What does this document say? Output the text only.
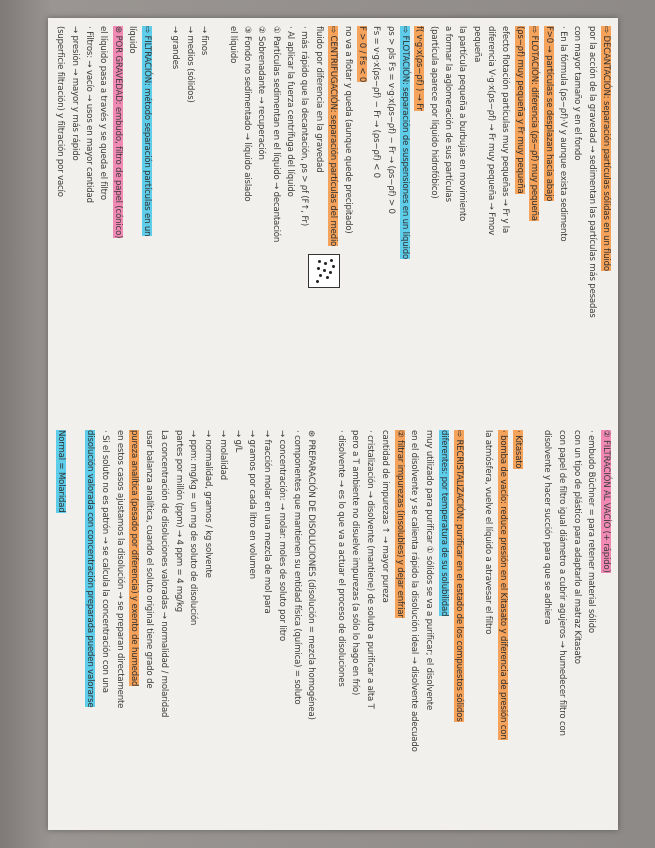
⇨ DECANTACIÓN: separación partículas sólidas en un fluido
por la acción de la gravedad → sedimentan las partículas más pesadas
con mayor tamaño y en el fondo
· En la fórmula (ρs−ρf)·V y aunque exista sedimento
F>0 → partículas se desplazan hacia abajo
⇨ FLOTACIÓN: diferencia (ρs−ρf) muy pequeña
(ρs−ρf) muy pequeña y Fr muy pequeña
efecto flotación partículas muy pequeñas → Fr y la
diferencia V·g·x(ρs−ρf) → Fr muy pequeña → Fmov
pequeña
la partícula pequeña a burbujas en movimiento
a formar la aglomeración de sus partículas
(partícula aparece por líquido hidrofóbico)
f( v·g·x(ρs−ρf) ) → Fr
⇨ FLOTACIÓN: separación de suspensiones en un líquido
ρs > ρls Fs = v·g·x(ρs−ρf) − Fr → (ρs−ρf) > 0
Fs = v·g·x(ρs−ρf) − Fr → (ρs−ρf) < 0
F > 0 / Fs < 0
no va a flotar y queda (aunque quede precipitado)
⇨ CENTRIFUGACIÓN: separación partículas del medio
fluido por diferencia en la gravedad
· más rápido que la decantación, ρs > ρf (F↑, Fr)
· Al aplicar la fuerza centrífuga del líquido
① Partículas sedimentan en el líquido → decantación
② Sobrenadante → recuperación
③ Fondo no sedimentado → líquido aislado
el líquido
→ finos
→ medios (sólidos)
→ grandes
⇨ FILTRACIÓN: método separación partículas en un
líquido
⊛ POR GRAVEDAD: embudo, filtro de papel (cónico)
el líquido pasa a través y se queda el filtro
· Filtros: → vacío → usos en mayor cantidad
→ presión → mayor y más rápido
(superficie filtración) y filtración por vacío
② FILTRACIÓN AL VACÍO (+ rápido)
· embudo Büchner = para retener material sólido
con un tipo de plástico para adaptarlo al matraz Kitasato
con papel de filtro igual diámetro a cubrir agujeros → humedecer filtro con
disolvente y hacer succión para que se adhiera
· Kitasato
· bomba de vacío: reduce presión en el Kitasato y diferencia de presión con
la atmósfera, vuelve el líquido a atravesar el filtro
⇨ RECRISTALIZACIÓN: purificar en el estado de los compuestos sólidos
diferentes: por temperatura de su solubilidad
muy utilizado para purificar ① sólidos se va a purificar; el disolvente
en el disolvente y se calienta rápido la disolución ideal → disolvente adecuado
② filtrar impurezas (insolubles) y dejar enfriar
cantidad de impurezas ↑ → mayor pureza
· cristalización → disolvente (mantiene) de soluto a purificar a alta T
pero a T ambiente no disuelve impurezas (a sólo lo hago en frío)
· disolvente → es lo que va a actuar el proceso de disoluciones
⊛ PREPARACIÓN DE DISOLUCIONES (disolución = mezcla homogénea)
· componentes que mantienen su entidad física (química) = soluto
→ concentración: → molar: moles de soluto por litro
→ fracción molar en una mezcla de mol para
→ gramos por cada litro en volumen
→ g/L
→ molalidad
→ normalidad, gramos / kg solvente
→ ppm: mg/kg = un mg de soluto de disolución
partes por millón (ppm) → 4 ppm = 4 mg/kg
La concentración de disoluciones valoradas → normalidad / molaridad
usar balanza analítica, cuando el soluto original tiene grado de
pureza analítica (pesado por diferencia) y exento de humedad
en estos casos ajustamos la disolución → se preparan directamente
· Si el soluto no es patrón → se calcula la concentración con una
disolución valorada con concentración preparada pueden valorarse
Normal = Molaridad
